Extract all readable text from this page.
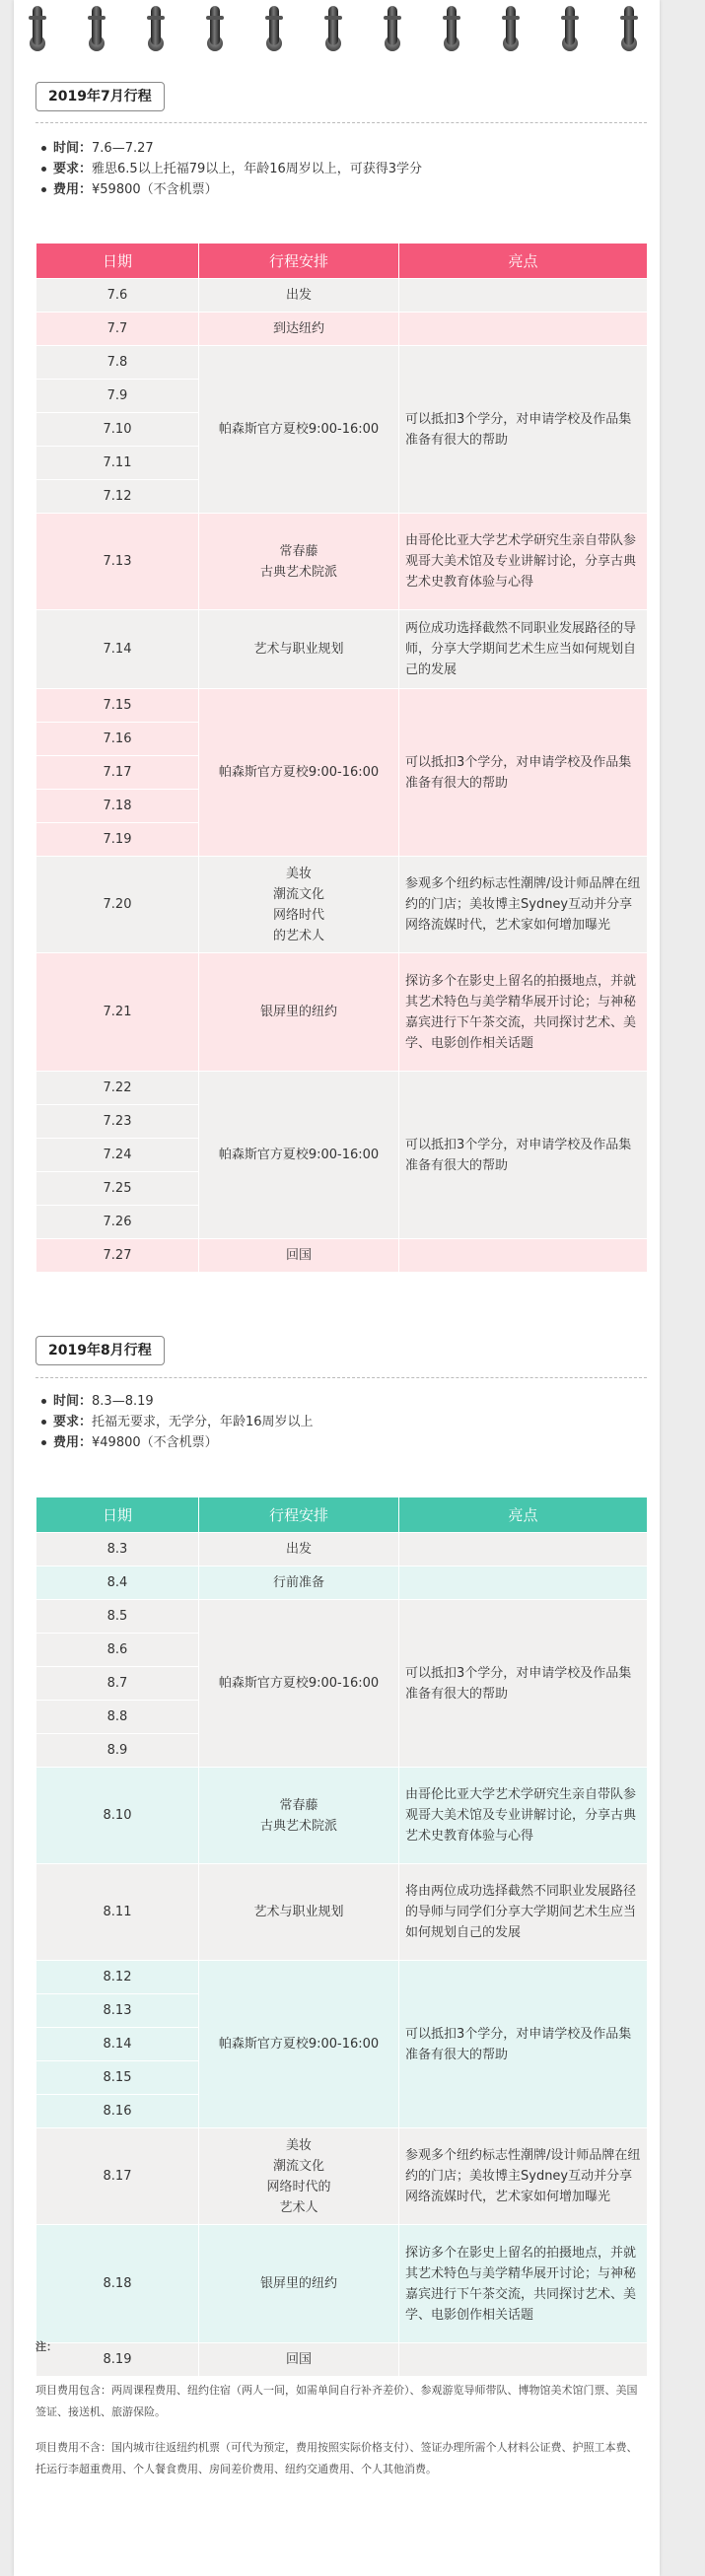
2019年7月行程
时间：7.6—7.27
要求：雅思6.5以上托福79以上，年龄16周岁以上，可获得3学分
费用：¥59800（不含机票）
日期	行程安排	亮点
7.6	出发	
7.7	到达纽约	
7.8	帕森斯官方夏校9:00-16:00	可以抵扣3个学分，对申请学校及作品集准备有很大的帮助
7.9		
7.10		
7.11		
7.12		
7.13	常春藤
古典艺术院派	由哥伦比亚大学艺术学研究生亲自带队参观哥大美术馆及专业讲解讨论，分享古典艺术史教育体验与心得
7.14	艺术与职业规划	两位成功选择截然不同职业发展路径的导师，分享大学期间艺术生应当如何规划自己的发展
7.15	帕森斯官方夏校9:00-16:00	可以抵扣3个学分，对申请学校及作品集准备有很大的帮助
7.16		
7.17		
7.18		
7.19		
7.20	美妆
潮流文化
网络时代
的艺术人	参观多个纽约标志性潮牌/设计师品牌在纽约的门店；美妆博主Sydney互动并分享网络流媒时代，艺术家如何增加曝光
7.21	银屏里的纽约	探访多个在影史上留名的拍摄地点，并就其艺术特色与美学精华展开讨论；与神秘嘉宾进行下午茶交流，共同探讨艺术、美学、电影创作相关话题
7.22	帕森斯官方夏校9:00-16:00	可以抵扣3个学分，对申请学校及作品集准备有很大的帮助
7.23		
7.24		
7.25		
7.26		
7.27	回国	
2019年8月行程
时间：8.3—8.19
要求：托福无要求，无学分，年龄16周岁以上
费用：¥49800（不含机票）
日期	行程安排	亮点
8.3	出发	
8.4	行前准备	
8.5	帕森斯官方夏校9:00-16:00	可以抵扣3个学分，对申请学校及作品集准备有很大的帮助
8.6		
8.7		
8.8		
8.9		
8.10	常春藤
古典艺术院派	由哥伦比亚大学艺术学研究生亲自带队参观哥大美术馆及专业讲解讨论，分享古典艺术史教育体验与心得
8.11	艺术与职业规划	将由两位成功选择截然不同职业发展路径的导师与同学们分享大学期间艺术生应当如何规划自己的发展
8.12	帕森斯官方夏校9:00-16:00	可以抵扣3个学分，对申请学校及作品集准备有很大的帮助
8.13		
8.14		
8.15		
8.16		
8.17	美妆
潮流文化
网络时代的
艺术人	参观多个纽约标志性潮牌/设计师品牌在纽约的门店；美妆博主Sydney互动并分享网络流媒时代，艺术家如何增加曝光
8.18	银屏里的纽约	探访多个在影史上留名的拍摄地点，并就其艺术特色与美学精华展开讨论；与神秘嘉宾进行下午茶交流，共同探讨艺术、美学、电影创作相关话题
8.19	回国	

注：

项目费用包含：两周课程费用、纽约住宿（两人一间，如需单间自行补齐差价）、参观游览导师带队、博物馆美术馆门票、美国签证、接送机、旅游保险。

项目费用不含：国内城市往返纽约机票（可代为预定，费用按照实际价格支付）、签证办理所需个人材料公证费、护照工本费、托运行李超重费用、个人餐食费用、房间差价费用、纽约交通费用、个人其他消费。
